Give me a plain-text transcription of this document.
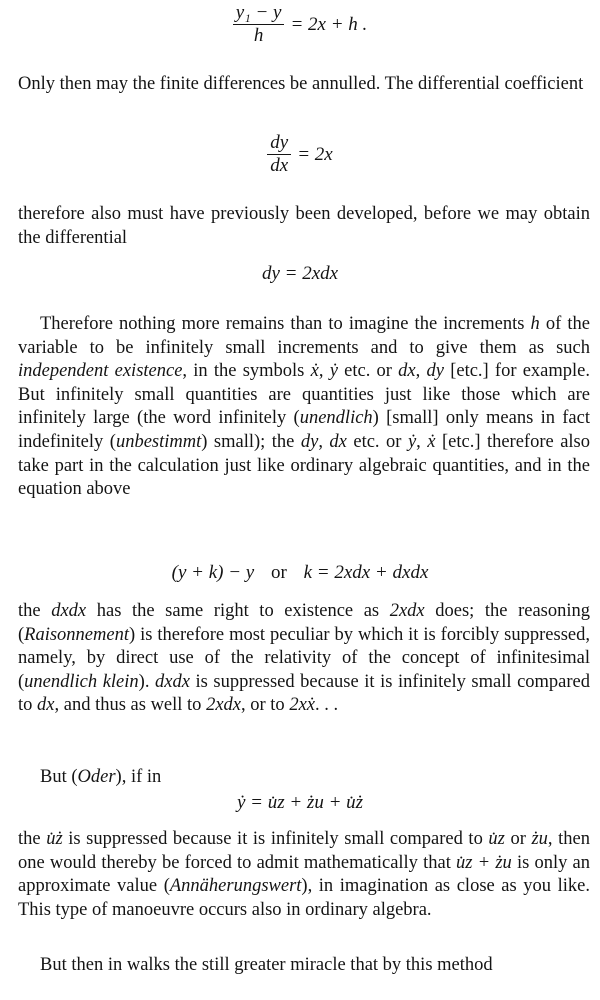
$\frac{\text{y₁ − y}}{h} = 2x + h$ .

Only then may the finite differences be annulled. The differential coefficient

$\frac{dy}{dx} = 2x$

therefore also must have previously been developed, before we may obtain the differential

dy = 2xdx

Therefore nothing more remains than to imagine the increments h of the variable to be infinitely small increments and to give them as such independent existence, in the symbols ẋ, ẏ etc. or dx, dy [etc.] for example. But infinitely small quantities are quantities just like those which are infinitely large (the word infinitely (unendlich) [small] only means in fact indefinitely (unbestimmt) small); the dy, dx etc. or ẏ, ẋ [etc.] therefore also take part in the calculation just like ordinary algebraic quantities, and in the equation above

(y + k) − y or k = 2xdx + dxdx

the dxdx has the same right to existence as 2xdx does; the reasoning (Raisonnement) is therefore most peculiar by which it is forcibly suppressed, namely, by direct use of the relativity of the concept of infinitesimal (unendlich klein). dxdx is suppressed because it is infinitely small compared to dx, and thus as well to 2xdx, or to 2xẋ. . .

But (Oder), if in

ẏ = u̇z + żu + u̇ż

the u̇ż is suppressed because it is infinitely small compared to u̇z or żu, then one would thereby be forced to admit mathematically that u̇z + żu is only an approximate value (Annäherungswert), in imagination as close as you like. This type of manoeuvre occurs also in ordinary algebra.

But then in walks the still greater miracle that by this method
